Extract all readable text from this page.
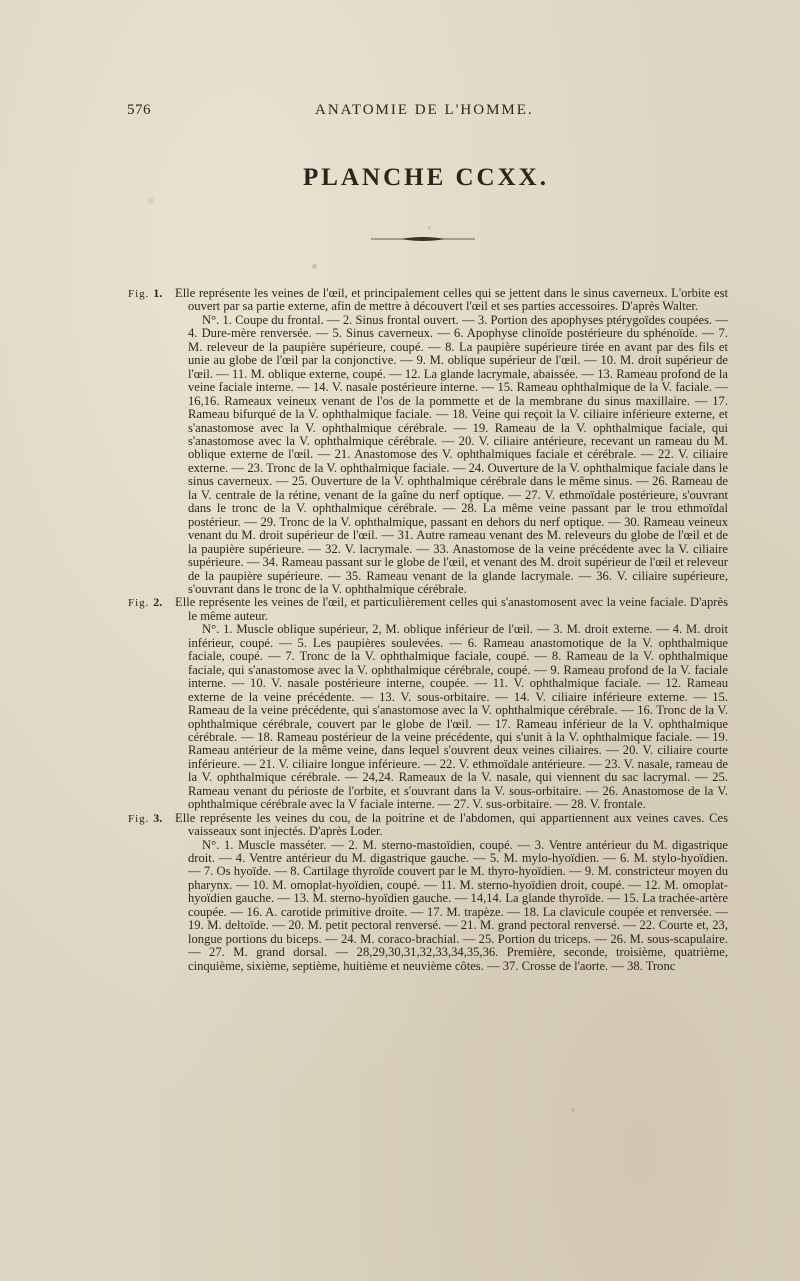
576	ANATOMIE DE L'HOMME.
PLANCHE CCXX.
Fig. 1.	Elle représente les veines de l'œil, et principalement celles qui se jettent dans le sinus caverneux. L'orbite est ouvert par sa partie externe, afin de mettre à découvert l'œil et ses parties accessoires. D'après Walter.

N°. 1. Coupe du frontal. — 2. Sinus frontal ouvert. — 3. Portion des apophyses ptérygoïdes coupées. — 4. Dure-mère renversée. — 5. Sinus caverneux. — 6. Apophyse clinoïde postérieure du sphénoïde. — 7. M. releveur de la paupière supérieure, coupé. — 8. La paupière supérieure tirée en avant par des fils et unie au globe de l'œil par la conjonctive. — 9. M. oblique supérieur de l'œil. — 10. M. droit supérieur de l'œil. — 11. M. oblique externe, coupé. — 12. La glande lacrymale, abaissée. — 13. Rameau profond de la veine faciale interne. — 14. V. nasale postérieure interne. — 15. Rameau ophthalmique de la V. faciale. — 16,16. Rameaux veineux venant de l'os de la pommette et de la membrane du sinus maxillaire. — 17. Rameau bifurqué de la V. ophthalmique faciale. — 18. Veine qui reçoit la V. ciliaire inférieure externe, et s'anastomose avec la V. ophthalmique cérébrale. — 19. Rameau de la V. ophthalmique faciale, qui s'anastomose avec la V. ophthalmique cérébrale. — 20. V. ciliaire antérieure, recevant un rameau du M. oblique externe de l'œil. — 21. Anastomose des V. ophthalmiques faciale et cérébrale. — 22. V. ciliaire externe. — 23. Tronc de la V. ophthalmique faciale. — 24. Ouverture de la V. ophthalmique faciale dans le sinus caverneux. — 25. Ouverture de la V. ophthalmique cérébrale dans le même sinus. — 26. Rameau de la V. centrale de la rétine, venant de la gaîne du nerf optique. — 27. V. ethmoïdale postérieure, s'ouvrant dans le tronc de la V. ophthalmique cérébrale. — 28. La même veine passant par le trou ethmoïdal postérieur. — 29. Tronc de la V. ophthalmique, passant en dehors du nerf optique. — 30. Rameau veineux venant du M. droit supérieur de l'œil. — 31. Autre rameau venant des M. releveurs du globe de l'œil et de la paupière supérieure. — 32. V. lacrymale. — 33. Anastomose de la veine précédente avec la V. ciliaire supérieure. — 34. Rameau passant sur le globe de l'œil, et venant des M. droit supérieur de l'œil et releveur de la paupière supérieure. — 35. Rameau venant de la glande lacrymale. — 36. V. ciliaire supérieure, s'ouvrant dans le tronc de la V. ophthalmique cérébrale.

Fig. 2.	Elle représente les veines de l'œil, et particulièrement celles qui s'anastomosent avec la veine faciale. D'après le même auteur.

N°. 1. Muscle oblique supérieur, 2, M. oblique inférieur de l'œil. — 3. M. droit externe. — 4. M. droit inférieur, coupé. — 5. Les paupières soulevées. — 6. Rameau anastomotique de la V. ophthalmique faciale, coupé. — 7. Tronc de la V. ophthalmique faciale, coupé. — 8. Rameau de la V. ophthalmique faciale, qui s'anastomose avec la V. ophthalmique cérébrale, coupé. — 9. Rameau profond de la V. faciale interne. — 10. V. nasale postérieure interne, coupée. — 11. V. ophthalmique faciale. — 12. Rameau externe de la veine précédente. — 13. V. sous-orbitaire. — 14. V. ciliaire inférieure externe. — 15. Rameau de la veine précédente, qui s'anastomose avec la V. ophthalmique cérébrale. — 16. Tronc de la V. ophthalmique cérébrale, couvert par le globe de l'œil. — 17. Rameau inférieur de la V. ophthalmique cérébrale. — 18. Rameau postérieur de la veine précédente, qui s'unit à la V. ophthalmique faciale. — 19. Rameau antérieur de la même veine, dans lequel s'ouvrent deux veines ciliaires. — 20. V. ciliaire courte inférieure. — 21. V. ciliaire longue inférieure. — 22. V. ethmoïdale antérieure. — 23. V. nasale, rameau de la V. ophthalmique cérébrale. — 24,24. Rameaux de la V. nasale, qui viennent du sac lacrymal. — 25. Rameau venant du périoste de l'orbite, et s'ouvrant dans la V. sous-orbitaire. — 26. Anastomose de la V. ophthalmique cérébrale avec la V faciale interne. — 27. V. sus-orbitaire. — 28. V. frontale.

Fig. 3.	Elle représente les veines du cou, de la poitrine et de l'abdomen, qui appartiennent aux veines caves. Ces vaisseaux sont injectés. D'après Loder.

N°. 1. Muscle masséter. — 2. M. sterno-mastoïdien, coupé. — 3. Ventre antérieur du M. digastrique droit. — 4. Ventre antérieur du M. digastrique gauche. — 5. M. mylo-hyoïdien. — 6. M. stylo-hyoïdien. — 7. Os hyoïde. — 8. Cartilage thyroïde couvert par le M. thyro-hyoïdien. — 9. M. constricteur moyen du pharynx. — 10. M. omoplat-hyoïdien, coupé. — 11. M. sterno-hyoïdien droit, coupé. — 12. M. omoplat-hyoïdien gauche. — 13. M. sterno-hyoïdien gauche. — 14,14. La glande thyroïde. — 15. La trachée-artère coupée. — 16. A. carotide primitive droite. — 17. M. trapèze. — 18. La clavicule coupée et renversée. — 19. M. deltoïde. — 20. M. petit pectoral renversé. — 21. M. grand pectoral renversé. — 22. Courte et, 23, longue portions du biceps. — 24. M. coraco-brachial. — 25. Portion du triceps. — 26. M. sous-scapulaire. — 27. M. grand dorsal. — 28,29,30,31,32,33,34,35,36. Première, seconde, troisième, quatrième, cinquième, sixième, septième, huitième et neuvième côtes. — 37. Crosse de l'aorte. — 38. Tronc
